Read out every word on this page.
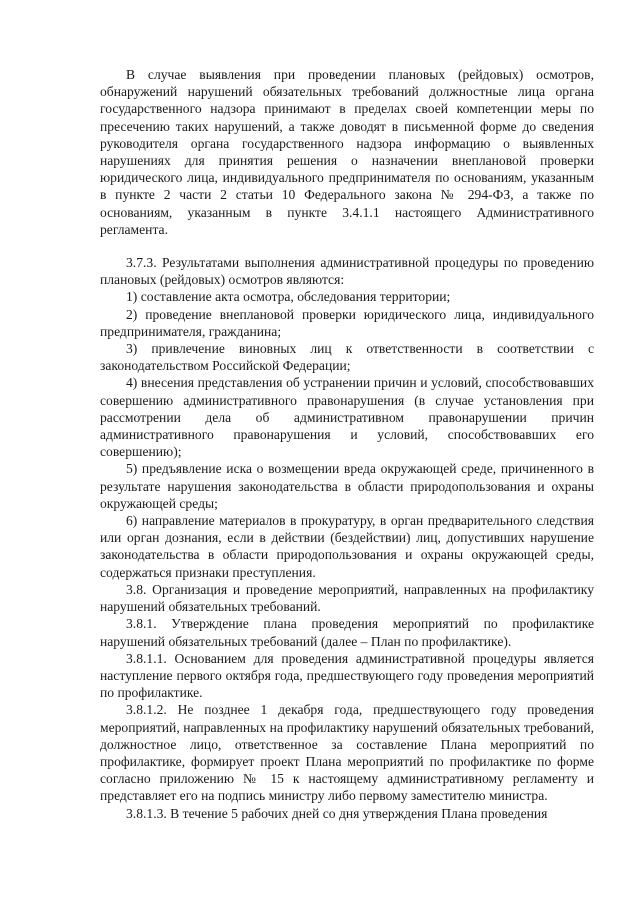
В случае выявления при проведении плановых (рейдовых) осмотров, обнаружений нарушений обязательных требований должностные лица органа государственного надзора принимают в пределах своей компетенции меры по пресечению таких нарушений, а также доводят в письменной форме до сведения руководителя органа государственного надзора информацию о выявленных нарушениях для принятия решения о назначении внеплановой проверки юридического лица, индивидуального предпринимателя по основаниям, указанным в пункте 2 части 2 статьи 10 Федерального закона № 294-ФЗ, а также по основаниям, указанным в пункте 3.4.1.1 настоящего Административного регламента.

3.7.3. Результатами выполнения административной процедуры по проведению плановых (рейдовых) осмотров являются:

1) составление акта осмотра, обследования территории;

2) проведение внеплановой проверки юридического лица, индивидуального предпринимателя, гражданина;

3) привлечение виновных лиц к ответственности в соответствии с законодательством Российской Федерации;

4) внесения представления об устранении причин и условий, способствовавших совершению административного правонарушения (в случае установления при рассмотрении дела об административном правонарушении причин административного правонарушения и условий, способствовавших его совершению);

5) предъявление иска о возмещении вреда окружающей среде, причиненного в результате нарушения законодательства в области природопользования и охраны окружающей среды;

6) направление материалов в прокуратуру, в орган предварительного следствия или орган дознания, если в действии (бездействии) лиц, допустивших нарушение законодательства в области природопользования и охраны окружающей среды, содержаться признаки преступления.

3.8. Организация и проведение мероприятий, направленных на профилактику нарушений обязательных требований.

3.8.1. Утверждение плана проведения мероприятий по профилактике нарушений обязательных требований (далее – План по профилактике).

3.8.1.1. Основанием для проведения административной процедуры является наступление первого октября года, предшествующего году проведения мероприятий по профилактике.

3.8.1.2. Не позднее 1 декабря года, предшествующего году проведения мероприятий, направленных на профилактику нарушений обязательных требований, должностное лицо, ответственное за составление Плана мероприятий по профилактике, формирует проект Плана мероприятий по профилактике по форме согласно приложению № 15 к настоящему административному регламенту и представляет его на подпись министру либо первому заместителю министра.

3.8.1.3. В течение 5 рабочих дней со дня утверждения Плана проведения
